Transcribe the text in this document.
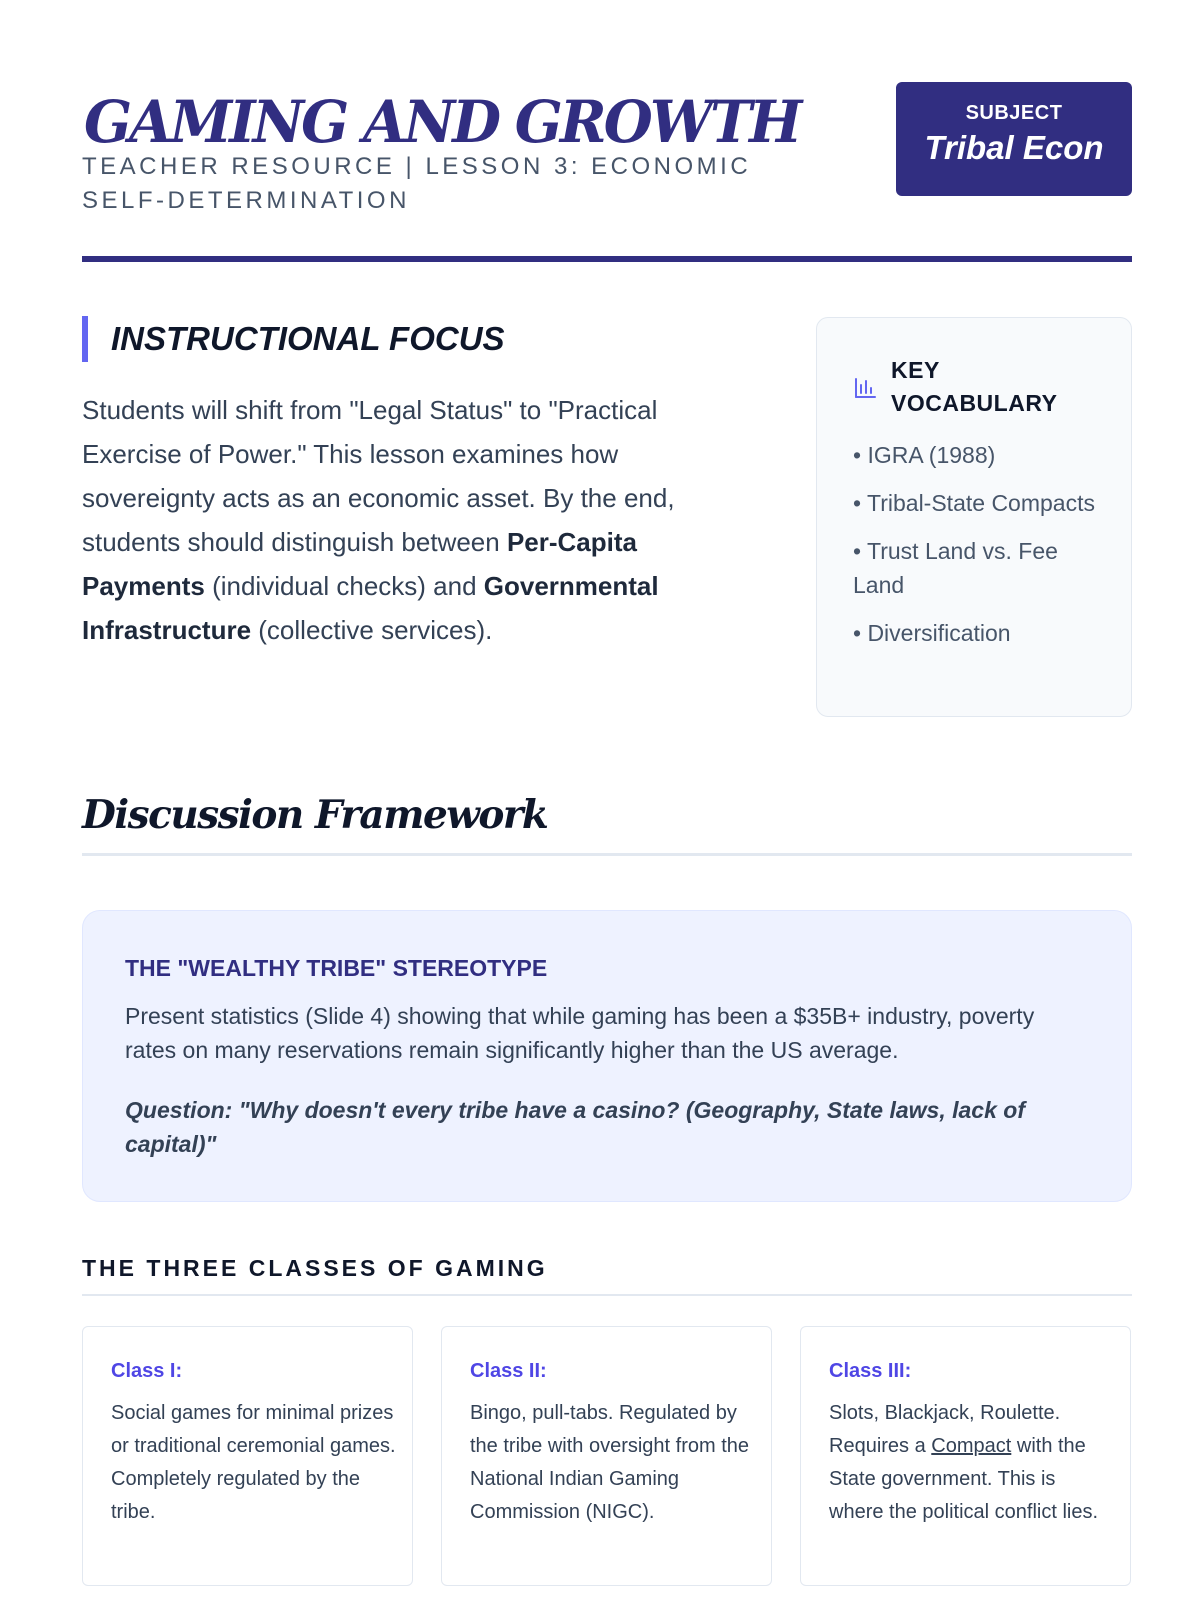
GAMING AND GROWTH
TEACHER RESOURCE | LESSON 3: ECONOMIC SELF-DETERMINATION
SUBJECT
Tribal Econ
INSTRUCTIONAL FOCUS

Students will shift from "Legal Status" to "Practical Exercise of Power." This lesson examines how sovereignty acts as an economic asset. By the end, students should distinguish between Per-Capita Payments (individual checks) and Governmental Infrastructure (collective services).

KEY VOCABULARY
• IGRA (1988)
• Tribal-State Compacts
• Trust Land vs. Fee Land
• Diversification
Discussion Framework
THE "WEALTHY TRIBE" STEREOTYPE

Present statistics (Slide 4) showing that while gaming has been a $35B+ industry, poverty rates on many reservations remain significantly higher than the US average.

Question: "Why doesn't every tribe have a casino? (Geography, State laws, lack of capital)"

THE THREE CLASSES OF GAMING
Class I:

Social games for minimal prizes or traditional ceremonial games. Completely regulated by the tribe.

Class II:

Bingo, pull-tabs. Regulated by the tribe with oversight from the National Indian Gaming Commission (NIGC).

Class III:

Slots, Blackjack, Roulette. Requires a Compact with the State government. This is where the political conflict lies.
